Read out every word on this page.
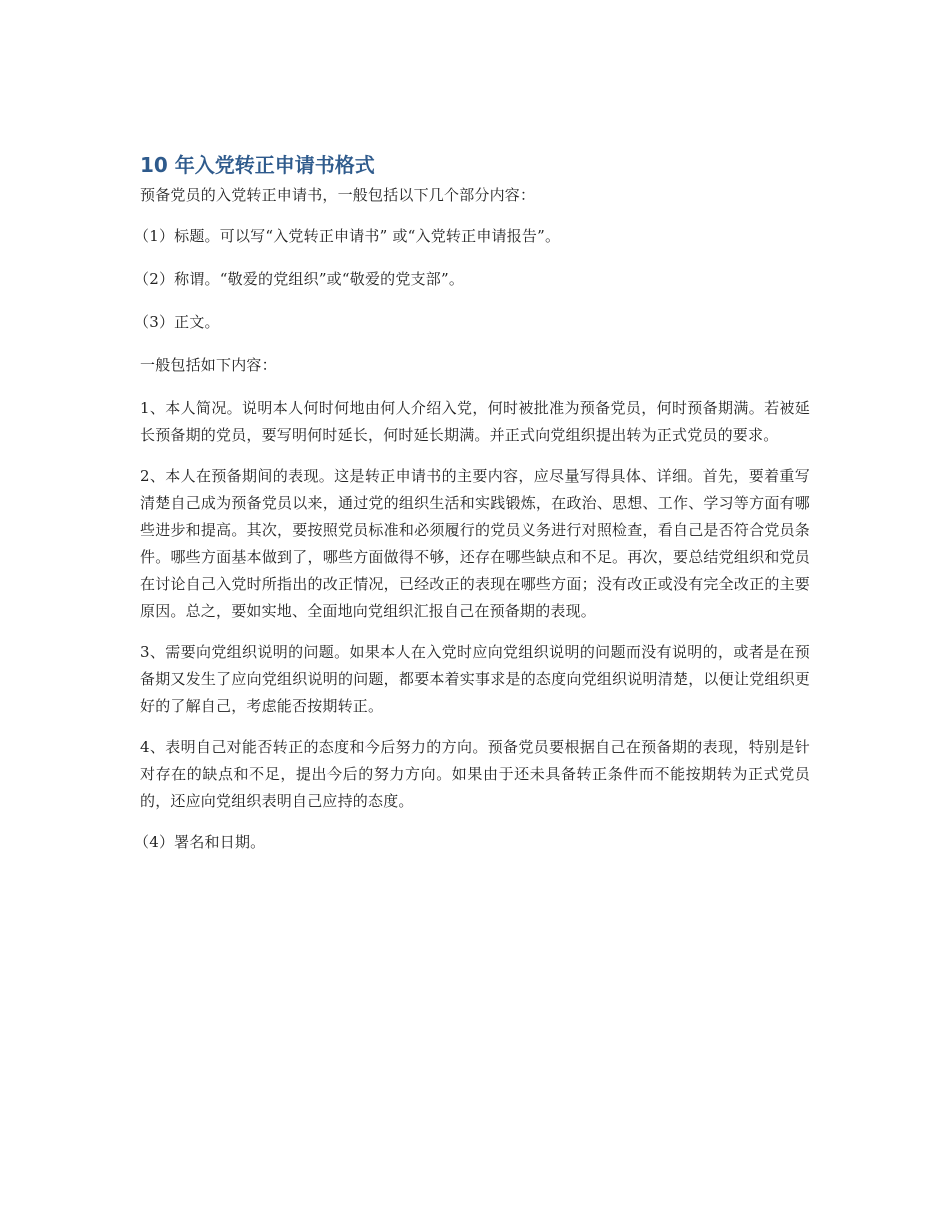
10 年入党转正申请书格式

预备党员的入党转正申请书，一般包括以下几个部分内容：

（1）标题。可以写“入党转正申请书” 或“入党转正申请报告”。

（2）称谓。“敬爱的党组织”或“敬爱的党支部”。

（3）正文。

一般包括如下内容：

1、本人简况。说明本人何时何地由何人介绍入党，何时被批准为预备党员，何时预备期满。若被延长预备期的党员，要写明何时延长，何时延长期满。并正式向党组织提出转为正式党员的要求。

2、本人在预备期间的表现。这是转正申请书的主要内容，应尽量写得具体、详细。首先，要着重写清楚自己成为预备党员以来，通过党的组织生活和实践锻炼，在政治、思想、工作、学习等方面有哪些进步和提高。其次，要按照党员标准和必须履行的党员义务进行对照检查，看自己是否符合党员条件。哪些方面基本做到了，哪些方面做得不够，还存在哪些缺点和不足。再次，要总结党组织和党员在讨论自己入党时所指出的改正情况，已经改正的表现在哪些方面；没有改正或没有完全改正的主要原因。总之，要如实地、全面地向党组织汇报自己在预备期的表现。

3、需要向党组织说明的问题。如果本人在入党时应向党组织说明的问题而没有说明的，或者是在预备期又发生了应向党组织说明的问题，都要本着实事求是的态度向党组织说明清楚，以便让党组织更好的了解自己，考虑能否按期转正。

4、表明自己对能否转正的态度和今后努力的方向。预备党员要根据自己在预备期的表现，特别是针对存在的缺点和不足，提出今后的努力方向。如果由于还未具备转正条件而不能按期转为正式党员的，还应向党组织表明自己应持的态度。

（4）署名和日期。
